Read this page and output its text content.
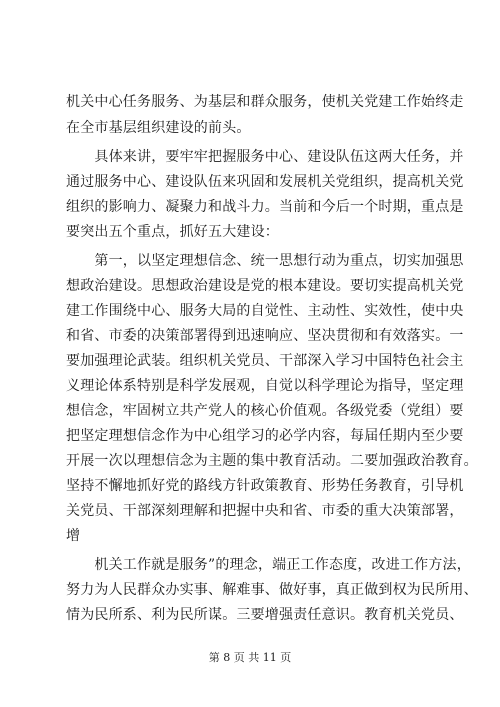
机关中心任务服务、为基层和群众服务，使机关党建工作始终走
在全市基层组织建设的前头。
　　具体来讲，要牢牢把握服务中心、建设队伍这两大任务，并
通过服务中心、建设队伍来巩固和发展机关党组织，提高机关党
组织的影响力、凝聚力和战斗力。当前和今后一个时期，重点是
要突出五个重点，抓好五大建设：
　　第一，以坚定理想信念、统一思想行动为重点，切实加强思
想政治建设。思想政治建设是党的根本建设。要切实提高机关党
建工作围绕中心、服务大局的自觉性、主动性、实效性，使中央
和省、市委的决策部署得到迅速响应、坚决贯彻和有效落实。一
要加强理论武装。组织机关党员、干部深入学习中国特色社会主
义理论体系特别是科学发展观，自觉以科学理论为指导，坚定理
想信念，牢固树立共产党人的核心价值观。各级党委（党组）要
把坚定理想信念作为中心组学习的必学内容，每届任期内至少要
开展一次以理想信念为主题的集中教育活动。二要加强政治教育。
坚持不懈地抓好党的路线方针政策教育、形势任务教育，引导机
关党员、干部深刻理解和把握中央和省、市委的重大决策部署，
增
　　机关工作就是服务”的理念，端正工作态度，改进工作方法，
努力为人民群众办实事、解难事、做好事，真正做到权为民所用、
情为民所系、利为民所谋。三要增强责任意识。教育机关党员、
第 8 页 共 11 页
